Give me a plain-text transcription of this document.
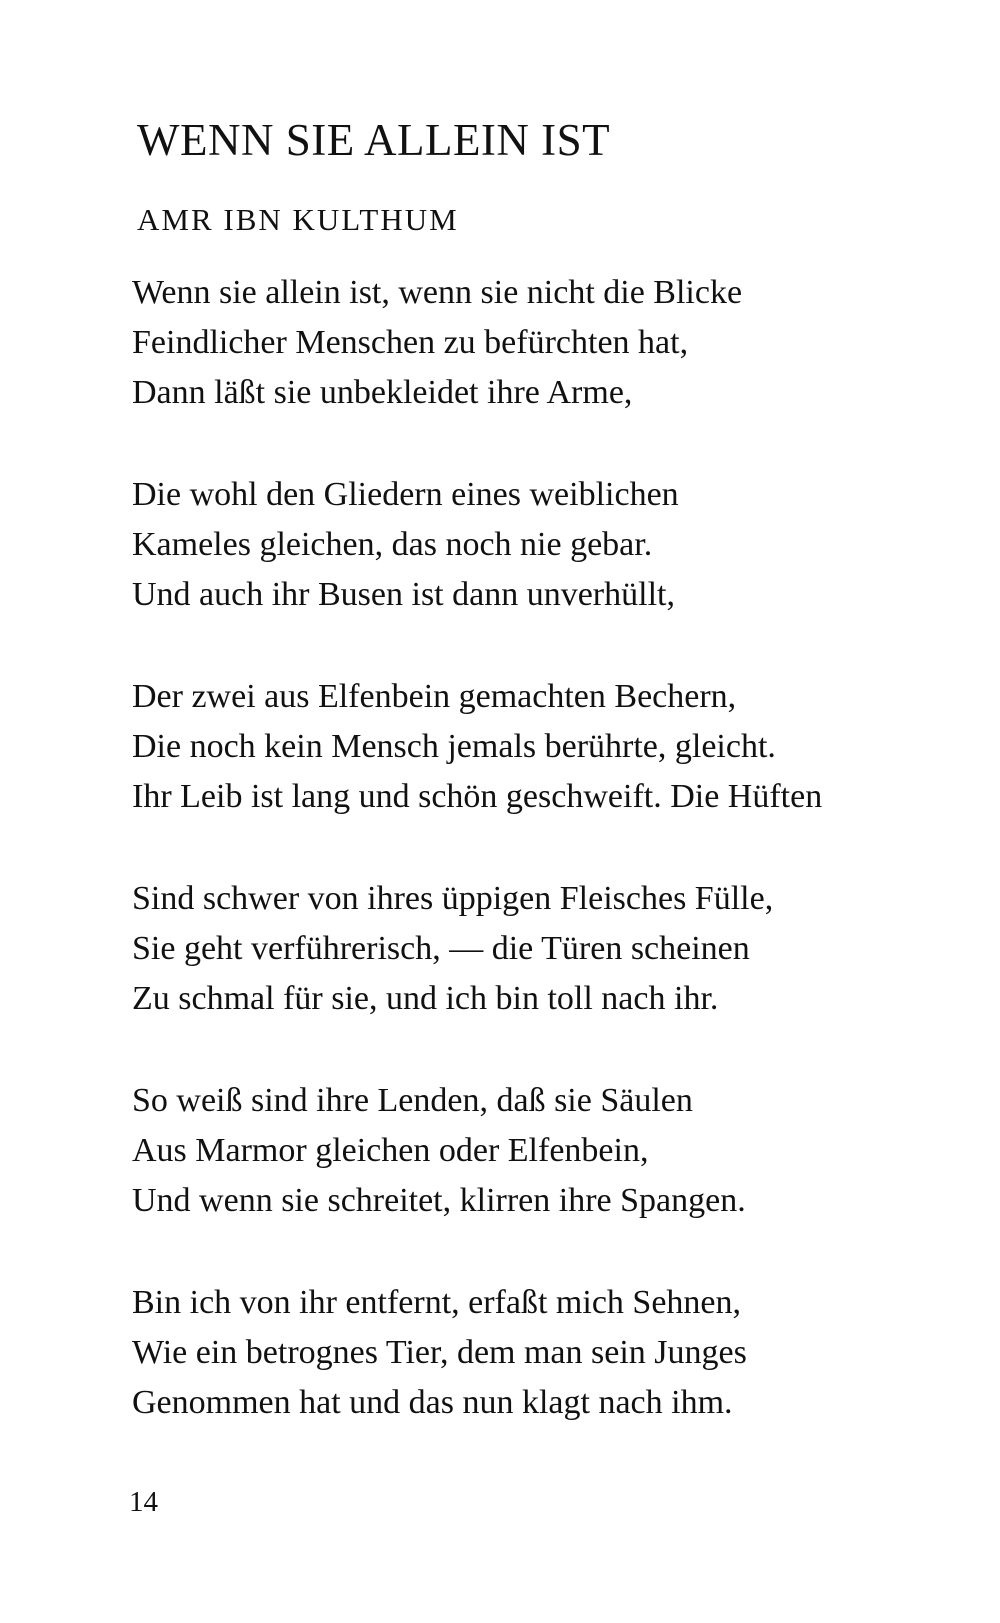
WENN SIE ALLEIN IST
AMR IBN KULTHUM
Wenn sie allein ist, wenn sie nicht die Blicke
Feindlicher Menschen zu befürchten hat,
Dann läßt sie unbekleidet ihre Arme,
Die wohl den Gliedern eines weiblichen
Kameles gleichen, das noch nie gebar.
Und auch ihr Busen ist dann unverhüllt,
Der zwei aus Elfenbein gemachten Bechern,
Die noch kein Mensch jemals berührte, gleicht.
Ihr Leib ist lang und schön geschweift. Die Hüften
Sind schwer von ihres üppigen Fleisches Fülle,
Sie geht verführerisch, — die Türen scheinen
Zu schmal für sie, und ich bin toll nach ihr.
So weiß sind ihre Lenden, daß sie Säulen
Aus Marmor gleichen oder Elfenbein,
Und wenn sie schreitet, klirren ihre Spangen.
Bin ich von ihr entfernt, erfaßt mich Sehnen,
Wie ein betrognes Tier, dem man sein Junges
Genommen hat und das nun klagt nach ihm.
14
